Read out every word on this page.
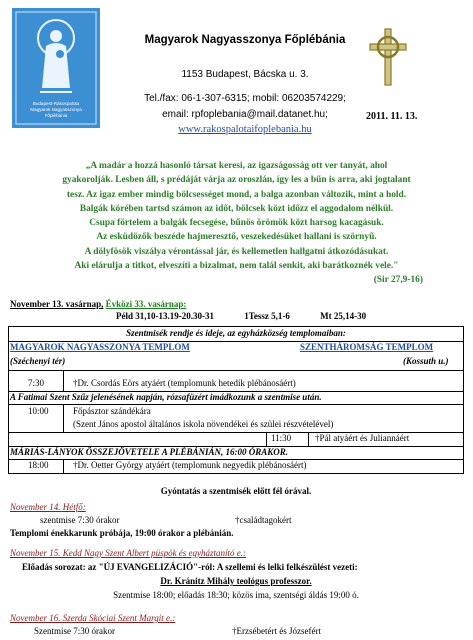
Budapest-Rákospalota
Magyarok Nagyasszonya
Főplébánia
Magyarok Nagyasszonya Főplébánia
1153 Budapest, Bácska u. 3.
Tel./fax: 06-1-307-6315; mobil: 06203574229;
email: rpfoplebania@mail.datanet.hu;
www.rakospalotaifoplebania.hu
2011. 11. 13.
„A madár a hozzá hasonló társat keresi, az igazságosság ott ver tanyát, ahol
gyakorolják. Lesben áll, s prédáját várja az oroszlán, így les a bűn is arra, aki jogtalant
tesz. Az igaz ember mindig bölcsességet mond, a balga azonban változik, mint a hold.
Balgák körében tartsd számon az időt, bölcsek közt időzz el aggodalom nélkül.
Csupa förtelem a balgák fecsegése, bűnös örömök közt harsog kacagásuk.
Az esküdözők beszéde hajmeresztő, veszekedésüket hallani is szörnyű.
A dölyfösök viszálya vérontással jár, és kellemetlen hallgatni átkozódásukat.
Aki elárulja a titkot, elveszíti a bizalmat, nem talál senkit, aki barátkoznék vele."
(Sir 27,9-16)
November 13. vasárnap, Évközi 33. vasárnap:
Péld 31,10-13.19-20.30-31	1Tessz 5,1-6	Mt 25,14-30
Szentmisék rendje és ideje, az egyházközség templomaiban:
MAGYAROK NAGYASSZONYA TEMPLOM	SZENTHÁROMSÁG TEMPLOM
(Széchenyi tér)	(Kossuth u.)
7:30	†Dr. Csordás Eörs atyáért (templomunk hetedik plébánosáért)
A Fatimai Szent Szűz jelenésének napján, rózsafüzért imádkozunk a szentmise után.
10:00	Főpásztor szándékára
(Szent János apostol általános iskola növendékei és szülei részvételével)
11:30	†Pál atyáért és Juliannáért
MÁRIÁS-LÁNYOK ÖSSZEJÖVETELE A PLÉBÁNIÁN, 16:00 ÓRAKOR.
18:00	†Dr. Oetter György atyáért (templomunk negyedik plébánosáért)
Gyóntatás a szentmisék előtt fél órával.
November 14. Hétfő:
szentmise 7:30 órakor	†családtagokért
Templomi énekkarunk próbája, 19:00 órakor a plébánián.
November 15. Kedd Nagy Szent Albert püspök és egyháztanító e.:
Előadás sorozat: az "ÚJ EVANGELIZÁCIÓ"-ról: A szellemi és lelki felkészülést vezeti:
Dr. Kránitz Mihály teológus professzor.
Szentmise 18:00; előadás 18:30; közös ima, szentségi áldás 19:00 ó.
November 16. Szerda Skóciai Szent Margit e.:
Szentmise 7:30 órakor	†Erzsébetért és Józsefért
